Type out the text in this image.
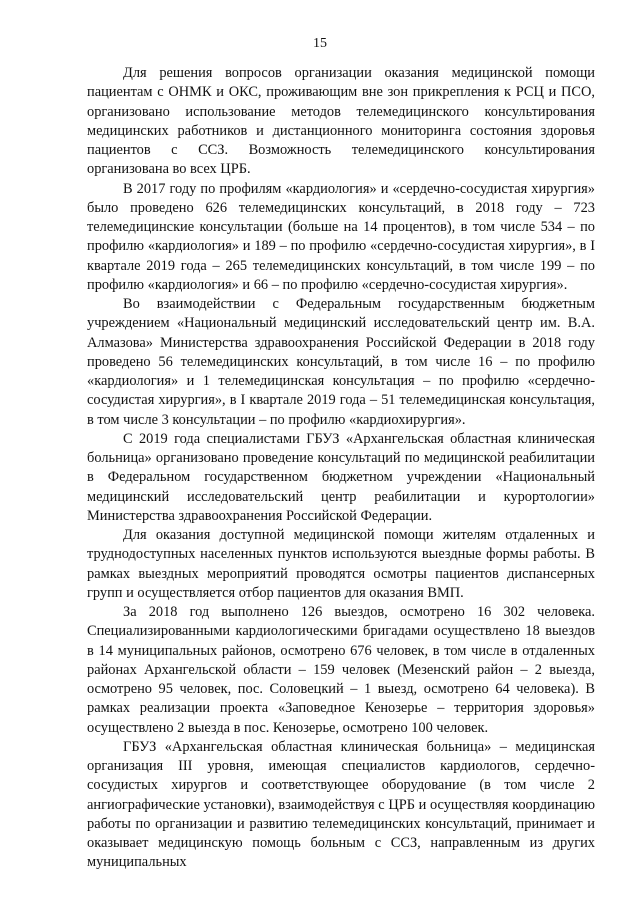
15

Для решения вопросов организации оказания медицинской помощи пациентам с ОНМК и ОКС, проживающим вне зон прикрепления к РСЦ и ПСО, организовано использование методов телемедицинского консультирования медицинских работников и дистанционного мониторинга состояния здоровья пациентов с ССЗ. Возможность телемедицинского консультирования организована во всех ЦРБ.

В 2017 году по профилям «кардиология» и «сердечно-сосудистая хирургия» было проведено 626 телемедицинских консультаций, в 2018 году – 723 телемедицинские консультации (больше на 14 процентов), в том числе 534 – по профилю «кардиология» и 189 – по профилю «сердечно-сосудистая хирургия», в I квартале 2019 года – 265 телемедицинских консультаций, в том числе 199 – по профилю «кардиология» и 66 – по профилю «сердечно-сосудистая хирургия».

Во взаимодействии с Федеральным государственным бюджетным учреждением «Национальный медицинский исследовательский центр им. В.А. Алмазова» Министерства здравоохранения Российской Федерации в 2018 году проведено 56 телемедицинских консультаций, в том числе 16 – по профилю «кардиология» и 1 телемедицинская консультация – по профилю «сердечно-сосудистая хирургия», в I квартале 2019 года – 51 телемедицинская консультация, в том числе 3 консультации – по профилю «кардиохирургия».

С 2019 года специалистами ГБУЗ «Архангельская областная клиническая больница» организовано проведение консультаций по медицинской реабилитации в Федеральном государственном бюджетном учреждении «Национальный медицинский исследовательский центр реабилитации и курортологии» Министерства здравоохранения Российской Федерации.

Для оказания доступной медицинской помощи жителям отдаленных и труднодоступных населенных пунктов используются выездные формы работы. В рамках выездных мероприятий проводятся осмотры пациентов диспансерных групп и осуществляется отбор пациентов для оказания ВМП.

За 2018 год выполнено 126 выездов, осмотрено 16 302 человека. Специализированными кардиологическими бригадами осуществлено 18 выездов в 14 муниципальных районов, осмотрено 676 человек, в том числе в отдаленных районах Архангельской области – 159 человек (Мезенский район – 2 выезда, осмотрено 95 человек, пос. Соловецкий – 1 выезд, осмотрено 64 человека). В рамках реализации проекта «Заповедное Кенозерье – территория здоровья» осуществлено 2 выезда в пос. Кенозерье, осмотрено 100 человек.

ГБУЗ «Архангельская областная клиническая больница» – медицинская организация III уровня, имеющая специалистов кардиологов, сердечно-сосудистых хирургов и соответствующее оборудование (в том числе 2 ангиографические установки), взаимодействуя с ЦРБ и осуществляя координацию работы по организации и развитию телемедицинских консультаций, принимает и оказывает медицинскую помощь больным с ССЗ, направленным из других муниципальных
